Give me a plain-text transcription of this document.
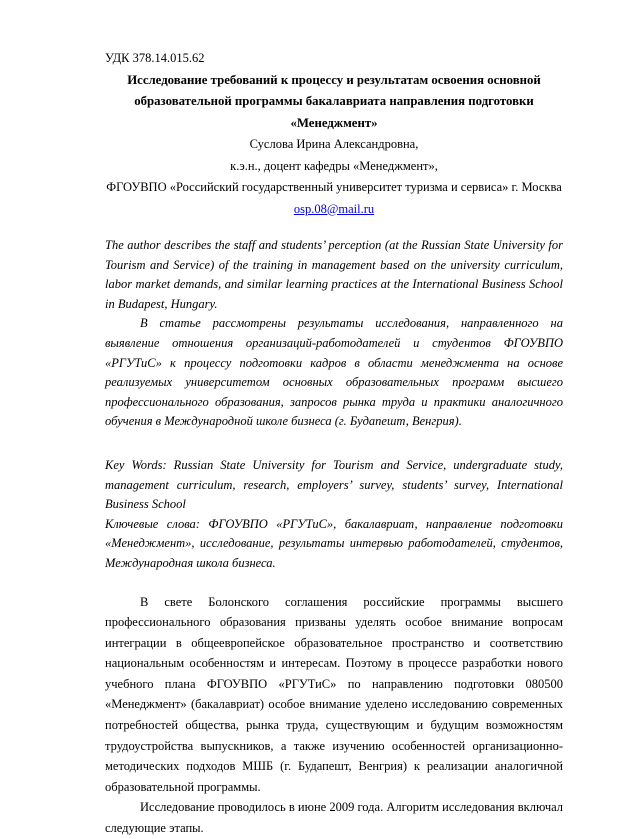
УДК 378.14.015.62
Исследование требований к процессу и результатам освоения основной образовательной программы бакалавриата направления подготовки «Менеджмент»
Суслова Ирина Александровна,
к.э.н., доцент кафедры «Менеджмент»,
ФГОУВПО «Российский государственный университет туризма и сервиса» г. Москва
osp.08@mail.ru

The author describes the staff and students’ perception (at the Russian State University for Tourism and Service) of the training in management based on the university curriculum, labor market demands, and similar learning practices at the International Business School in Budapest, Hungary.

В статье рассмотрены результаты исследования, направленного на выявление отношения организаций-работодателей и студентов ФГОУВПО «РГУТиС» к процессу подготовки кадров в области менеджмента на основе реализуемых университетом основных образовательных программ высшего профессионального образования, запросов рынка труда и практики аналогичного обучения в Международной школе бизнеса (г. Будапешт, Венгрия).

Key Words: Russian State University for Tourism and Service, undergraduate study, management curriculum, research, employers’ survey, students’ survey, International Business School

Ключевые слова: ФГОУВПО «РГУТиС», бакалавриат, направление подготовки «Менеджмент», исследование, результаты интервью работодателей, студентов, Международная школа бизнеса.

В свете Болонского соглашения российские программы высшего профессионального образования призваны уделять особое внимание вопросам интеграции в общеевропейское образовательное пространство и соответствию национальным особенностям и интересам. Поэтому в процессе разработки нового учебного плана ФГОУВПО «РГУТиС» по направлению подготовки 080500 «Менеджмент» (бакалавриат) особое внимание уделено исследованию современных потребностей общества, рынка труда, существующим и будущим возможностям трудоустройства выпускников, а также изучению особенностей организационно-методических подходов МШБ (г. Будапешт, Венгрия) к реализации аналогичной образовательной программы.

Исследование проводилось в июне 2009 года. Алгоритм исследования включал следующие этапы.
